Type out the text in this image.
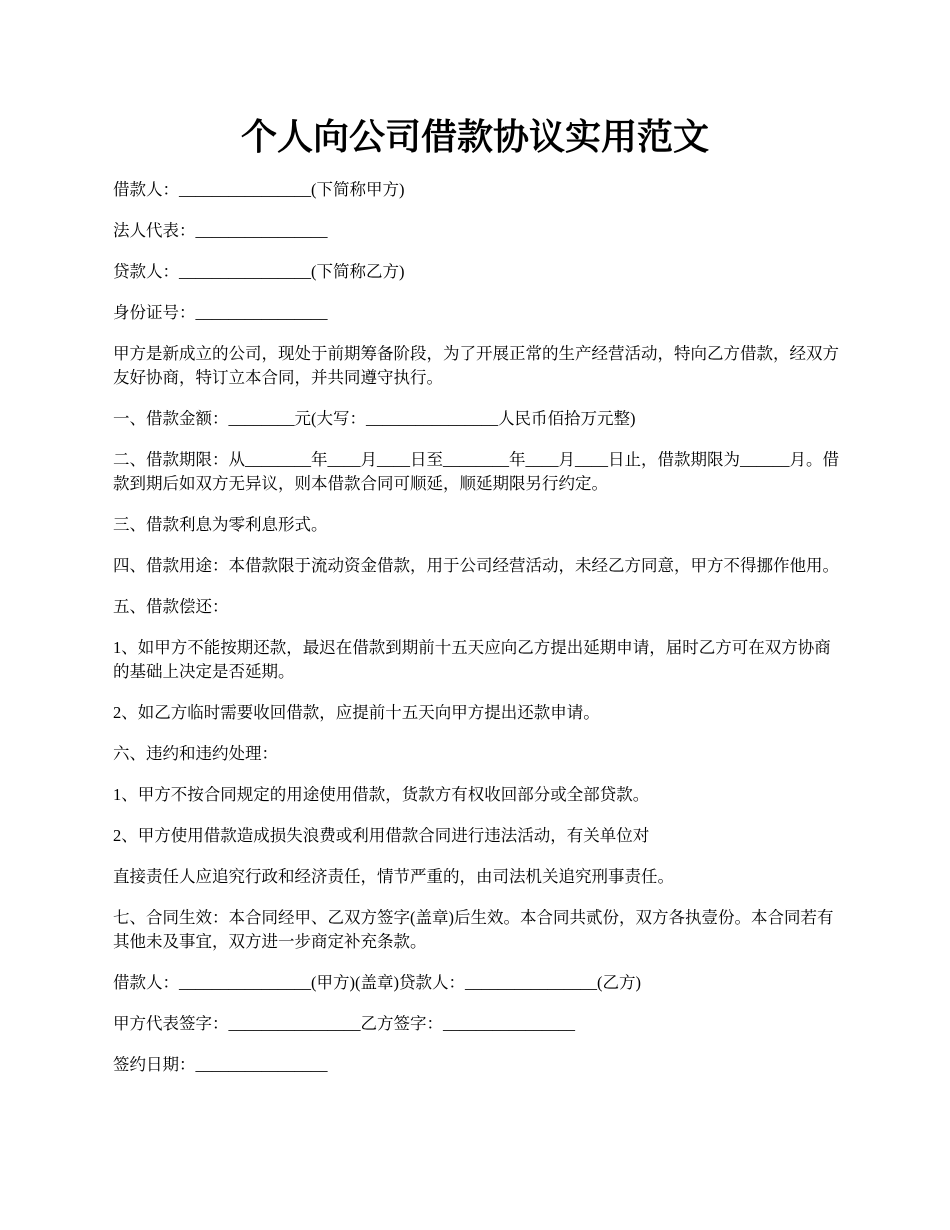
个人向公司借款协议实用范文

借款人：________________(下简称甲方)

法人代表：________________

贷款人：________________(下简称乙方)

身份证号：________________

甲方是新成立的公司，现处于前期筹备阶段，为了开展正常的生产经营活动，特向乙方借款，经双方友好协商，特订立本合同，并共同遵守执行。

一、借款金额：________元(大写：________________人民币佰拾万元整)

二、借款期限：从________年____月____日至________年____月____日止，借款期限为______月。借款到期后如双方无异议，则本借款合同可顺延，顺延期限另行约定。

三、借款利息为零利息形式。

四、借款用途：本借款限于流动资金借款，用于公司经营活动，未经乙方同意，甲方不得挪作他用。

五、借款偿还：

1、如甲方不能按期还款，最迟在借款到期前十五天应向乙方提出延期申请，届时乙方可在双方协商的基础上决定是否延期。

2、如乙方临时需要收回借款，应提前十五天向甲方提出还款申请。

六、违约和违约处理：

1、甲方不按合同规定的用途使用借款，货款方有权收回部分或全部贷款。

2、甲方使用借款造成损失浪费或利用借款合同进行违法活动，有关单位对

直接责任人应追究行政和经济责任，情节严重的，由司法机关追究刑事责任。

七、合同生效：本合同经甲、乙双方签字(盖章)后生效。本合同共贰份，双方各执壹份。本合同若有其他未及事宜，双方进一步商定补充条款。

借款人：________________(甲方)(盖章)贷款人：________________(乙方)

甲方代表签字：________________乙方签字：________________

签约日期：________________
